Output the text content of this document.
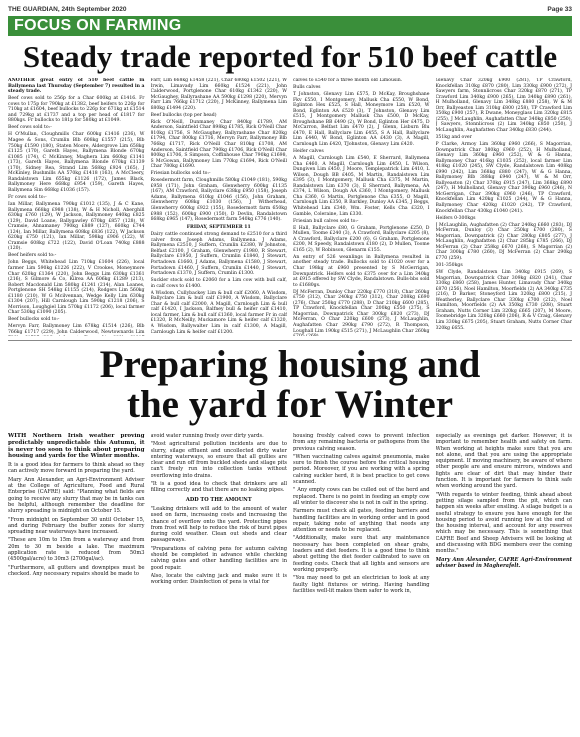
THE GUARDIAN, 24th September 2020	Page 33
FOCUS ON FARMING
Steady trade reported for 510 beef cattle

ANOTHER great entry of 510 beef cattle in Ballymena last Thursday (September 7) resulted in a steady trade.

Beef cows sold to 256p for a Char 600kg at £1416. Fr cows to 175p for 790kg at £1382, beef heifers to 226p for 710kg at £1604, beef bullocks to 226p for 671kg at £1514 and 729kg at £1737 and a top per head of £1817 for 880kgs. Fr bullocks to 181p for 580kg at £1049.

Beef cows sold to:-

H O'Mullan, Cloughmills Char 600kg £1416 (236), W Magee & Sons, Crumlin Blb 608kg £1557 (215), Blb 750kg £1590 (180), Staten Moore, Aldergrove Lim 658kg £1125 (170), Gareth Hayes, Ballymena Blonde 670kg £1085 (174), C McKinney, Maghera Lim 660kg £1141 (173), Gareth Hayes, Ballymena Blonde 670kg £1139 (170), Sidney Rea, Strand Lim 568kg £924 (165), J McKinley, Bushmills AA 570kg £1418 (163), A McCleery, Randalstown Lim 655kg £1126 (172), James Black, Ballymoney Here 668kg £954 (159), Gareth Hayes, Ballymena Sim 668kg £1036 (157).

Fr cows sold to:-

Ian Millar, Ballymena 790kg £1012 (135), J & C Kane, Ballymena 668kg £988 (138), W & H Nicholl, Aberghill 630kg £760 (129), W Jackson, Ballymoney 640kg £825 (129), David Loane, Ballygawley 670kg £857 (128), W Cramsie, Ahnamaney 790kg £889 (127), 660kg £744 (124), Ian Millar, Ballymena 608kg £836 (122), W Jackson 620kg £750 (121), Ian Millar, 598kg £906 (122), W Cramsie 608kg £722 (122), David O'Loan 740kg £888 (120).

Beef heifers sold to:-

John Beggs, Whitehead Lim 710kg £1604 (226), local farmer Lim 590kg £1226 (222), V Crookes, Moneymore Char 620kg £1364 (220), John Beggs Lim 630kg £1361 (216), S Gilmore & Co, Kilrea AA 606kg £1289 (213), Robert Macdonald Lim 580kg £1241 (214), Alan Loanes, Portglenone SH 548kg £1155 (214), Rodgers Lim 560kg £1180 (210), W G Mcilvennan, Wedge Kelly Lim 630kg £1304 (207), Hill Carnlough Lim 590kg £1218 (206), S Morrison, Loughgiel Lim 570kg £1172 (206), local farmer Char 530kg £1090 (205).

Beef bullocks sold to:-

Mervyn Farr, Ballymoney Lim 678kg £1514 (226), Blb 766kg £1717 (229), John Calderwood, Newtownards Lim

Farr, Lim 668kg £1458 (221), Char 680kg £1502 (221), W Irwin, Limavady Lim 660kg £1524 (221), John Calderwood, Portglenone Char 610kg £1342 (220), W McGaughey, Ballyrashane AA 590kg £1298 (220), Mervyn Farr Lim 766kg £1712 (220), J McKinney, Ballymena Lim 680kg £1494 (220).

Beef bullocks (top per head)

Rick O'Neill, Dunmaney Char 840kg £1789, AM Anderson, Saintfield Char 898kg £1785, Rick O'Neill Char 810kg £1756, S McGaughey, Ballyrashane Char 820kg £1794, Char 800kg £1716, Mervyn Farr, Ballymoney Blb 766kg £1717, Rick O'Neill Char 810kg £1708, AM Anderson, Saintfield Char 790kg £1706, Rick O'Neill Char 800kg £1706, S Simpson, Coffinhouse Char 790kg £1698, S McGowan, Ballymoney Lim 770kg £1694, Rick O'Neill Char 780kg £1690.

Friesian bullocks sold to:-

Rosedermott farm, Cloughmills 580kg £1049 (181), 590kg £958 (171), John Graham, Glenwherry 600kg £1135 (167), AM Crawford, Ballyclare 638kg £950 (158), Joseph Adams, Ballymena 610kg £1046 (156), John Graham, Glenwherry 608kg £1030 (156), J Witherhead, Glenwherry 600kg £922 (155), Rosedermott farm 650kg £988 (152), 600kg £900 (150), D Devlin, Randalstown 668kg £965 (147), Rosedermott farm 540kg £776 (140).

FRIDAY, SEPTEMBER 11

Dairy cattle continued strong demand to £2510 for a third calver from Joseph Adams, Ballymena. J Adams, Ballymena £2510, J Suffern, Crumlin £2380, W Johnston, Belfast £2100, J Graham, Glenwherry £1980, R Stewart, Ballyclare £1950, J Suffern, Crumlin £1840, J Stewart, Portadown £1660, J Adams, Ballymena £1580, J Stewart, Portadown £1460, J Suffern, Crumlin £1440, J Stewart, Portadown £1370, J Suffern, Crumlin £1300.

Suckler stock sold to £2060 for a Lim cow with bull calf, in calf cows to £1400.

A Wisdom, Cullybackey Lim & bull calf £2060, A Wisdom, Ballyclare Lim & bull calf £1900, A Wisdom, Ballyclare Char & bull calf £2000, A Magill, Carnlough Lim & bull calf £1420, I Jackson, Balfney bull & heifer calf £1410, local farmer, Lim & bull calf £1360, local farmer Fr in calf £1320, R McNeilly, Muckamore Lim & heifer calf £1320, A Wisdom, Ballywalter Lim in calf £1300, A Magill, Carnlough Lim & heifer calf £1200.

calves to £540 for a three month old Limousin.

Bulls calves

T Johnston, Glenavy Lim £575, D McKay, Broughshane Fkv £550, I Montgomery, Mallusk Cha £550, W Bond, Eglinton Hex £525, S Hall, Moneymore Lim £520, W Bond, Eglinton AA £520 (3), T Johnston, Glenavy Lim £515, J Montgomery Mallusk Cha £500, D McKay, Broughshane BB £490 (2), W Bond, Eglinton Her £475, D McCarron, Belfast Lim £470 (2), J Glenn, Lisburn Blu £470, E Hall, Ballyclare Lim £455, S A Hall, Ballyclare Lim £440, W Bond, Eglinton AA £430 (3), A Magill, Carnlough Lim £420, TJohnston, Glenavy Lim £420.

Heifer calves

A Magill, Carnlough Lim £540, E Sherrard, Ballymena Cha £460, A Magill, Carnlough Lim £450, L Wilson, Dungiven Lim £450, J Moore, Templepatrick Lim £410, L Wilson, Dough BB £405, M Martin, Randalstown Lim £395 (3), I Montgomery, Mallusk Cha £375, M Martin, Randalstown Lim £370 (3), E Sherrard, Ballymena, AA £374, L Wilson, Dough AA £360, I Montgomery, Mallusk Cha £360, G Martin, Portglenone Cha £355, O Magill, Carnlough Lim £350, R Barkley, Dunloy AA £345, J Beggs, Whitehead Lim £340, Wm. Foster, Kells Cha £320, I Gamble, Coleraine, Lim £330.

Friesian bull calves sold to:-

E Hall, Ballyclare £80, G Graham, Portglenone £250, D Mullen, Toome £240 (3), A Crawford, Ballyclare £205 (8), A Crawford, Ballyclare £200 (6), G Graham, Portglenone £200, M Speedy, Randalstown £180 (2), D Mullen, Toome £165 (2), W Robinson, Glenarm £155.

An entry of 526 weanlings in Ballymena resulted in another steady trade. Bullocks sold to £1020 over for a Char 198kg at £960 presented by S McGerrigan, Downpatrick. Heifers sold to £375 over for a Lim 340kg at £915 offered by SW Clyde, Randalstown. Bulls-bbs sold to £1680gs.

DJ McFerran, Dunloy Char 220kg £770 (318), Char 260kg £750 (312), Char 240kg £750 (312), Char 208kg £690 (276), Char 250kg £770 (288), D Char 210kg £600 (285), TP Crawford, Knockfellan Char 200kg £550 (275), S Magorrian, Downpatrick Char 300kg £820 (273), DJ McFerran, O Char 220kg £600 (273), J McLaughlin, Aughafatten Char 290kg £790 (272), R Thompson, Loughall Lim 190kg £515 (271), J McLaughlin Char 260kg

Glenavy Char 320kg £900 (281), TP Crawford, Knockfellan 310kg £870 (280), Lim 330kg £900 (272), J Sawyers farm, Stonnlicross Char 320kg £870 (271), TP Crawford Lim 340kg £900 (265), Lim 340kg £890 (261), H Mulholland, Glenavy Lim 348kg £880 (258), W & M Orr, Ballyeaston Lim 310kg £800 (258), TP Crawford Lim 350kg £900 (257), R Dwane, Moneyglass Lim 320kg £815 (255), J McLaughlin, Aughafatten Char 340kg £850 (250), J Sawyers, Stonnlicross (2) Lim 340kg £850 (250), J McLaughlin, Aughafatten Char 340kg £830 (244).

351kg and over

P Clarke, Armoy Lim 360kg £960 (266), S Magorrian, Downpatrick Char 380kg £960 (252), H Mulholland, Glenavy Lim 360kg £960 (252), W & G Hanna, Ballymoney Char 416kg £1035 (252), local farmer Lim 418kg £1020 (245), SW Clyde, Randalstown Lim 408kg £990 (242), Lim 368kg £880 (247), W & G Hanna, Ballymoney Blb 388kg £940 (247), W & M Orr, Ballyeaston (2) Char 370kg £915 (247), Lim 368kg £890 (247), H Mulholland, Glenavy Char 390kg £960 (246), N McGerrigan, Char 390kg £960 (246), TP Crawford, Knockfellan Lim 420kg £1025 (244), W & G Hanna, Ballymoney Char 420kg £1020 (242), TP Crawford, Knockfellan Char 430kg £1040 (241).

Heifers 0-300kgs

J McLaughlin, Aughafatten (2) Char 240kg £660 (283), DJ McFerran, Dunloy (3) Char 250kg £700 (280), S Magorrian, Downpatrick (2) Char 280kg £805 (277), J McLaughlin, Aughafatten (2) Char 285kg £785 (266), DJ McFerran (2) Char 258kg £670 (268), S Magorrian (2) Char 300kg £780 (260), DJ McFerran (2) Char 290kg £770 (259).

301-350kgs

SW Clyde, Randalstown Lim 340kg £915 (269), S Magorrian, Downpatrick Char 309kg £820 (241), Char 330kg £860 (258), James Hunter, Limavady Char 340kg £870 (256), Noel Hamilton, Moorfields (2) AA 340kg £735 (216), D Barker, Stoneyford Lim 320kg £800 (215), J Weatherley, Ballyclare Char 330kg £700 (212), Noel Hamilton, Moorfields (2) AA 350kg £730 (208), Stuart Graham, Nutts Corner Lim 320kg £665 (207), M Moore, Toomebridge Lim 320kg £660 (206), R & V Craig, Glenavy Lim 330kg £675 (205), Stuart Graham, Nutts Corner Char 320kg £655.

Preparing housing and
the yard for Winter

WITH Northern Irish weather proving predictably unpredictable this Autumn, it is never too soon to think about preparing housing and yards for the Winter months.

It is a good idea for farmers to think ahead so they can actively move forward in preparing the yard.

Mary Ann Alexander, an Agri-Environment Adviser at the College of Agriculture, Food and Rural Enterprise (CAFRE) said: "Planning what fields are going to receive any slurry that may be in tanks can be helpful, although remember the deadline for slurry spreading is midnight on October 15.

"From midnight on September 30 until October 15, and during February the buffer zones for slurry spreading near waterways have increased.

"These are 10m to 15m from a waterway and from 20m to 30 m beside a lake. The maximum application rate is reduced from 50m3 (4500gal/acre) to 30m3 (2700gal/ac).

"Furthermore, all gutters and downpipes must be checked. Any necessary repairs should be made to

avoid water running freely over dirty yards.

"Most agricultural pollution incidents are due to slurry, silage effluent and uncollected dirty water entering waterways, so ensure that all gullies are clear and run off from buckled sheds and silage pits can't freely run into collection tanks without overflowing into drains.

"It is a good idea to check that drinkers are all filling correctly and that there are no leaking pipes.

ADD TO THE AMOUNT

"Leaking drinkers will add to the amount of water used on farm, increasing costs and increasing the chance of overflow onto the yard. Protecting pipes from frost will help to reduce the risk of burst pipes during cold weather. Clean out sheds and clear passageways.

"Preparations of calving pens for autumn calving should be completed in advance while checking calving gates and other handling facilities are in good repair.

Also, locate the calving jack and make sure it is working order. Disinfection of pens is vital for

housing freshly calved cows to prevent infection from any remaining bacteria or pathogens from the previous calving season.

"When vaccinating calves against pneumonia, make sure to finish the course before the critical housing period. Moreover, if you are working with a spring calving suckler herd, it is best practice to get cows scanned.

" Any empty cows can be culled out of the herd and replaced. There is no point in feeding an empty cow all winter to discover she is not in calf in the spring.

Farmers must check all gates, feeding barriers and handling facilities are in working order and in good repair, taking note of anything that needs any attention or needs to be replaced.

"Additionally, make sure that any maintenance necessary has been completed on shear grabs, loaders and diet feeders. It is a good time to think about getting the diet feeder calibrated to save on feeding costs. Check that all lights and sensors are working properly.

"You may need to get an electrician to look at any faulty light fixtures or wiring. Having handling facilities well-lit makes them safer to work in,

especially as evenings get darker. However, it is important to remember health and safety on farm. When working at heights make sure that you are not alone, and that you are using the appropriate equipment. If moving machinery, be aware of where other people are and ensure mirrors, windows and lights are clear of dirt that may hinder their function. It is important for farmers to think safe when working around the yard.

"With regards to winter feeding, think ahead about getting silage sampled from the pit, which can happen six weeks after ensiling. A silage budget is a useful strategy to ensure you have enough for the housing period to avoid running low at the end of the housing interval, and account for any reserves which may be necessary. This is something that CAFRE Beef and Sheep Advisers will be looking at and discussing with BDG members over the coming months."

Mary Ann Alexander, CAFRE Agri-Environment adviser based in Magherafelt.
